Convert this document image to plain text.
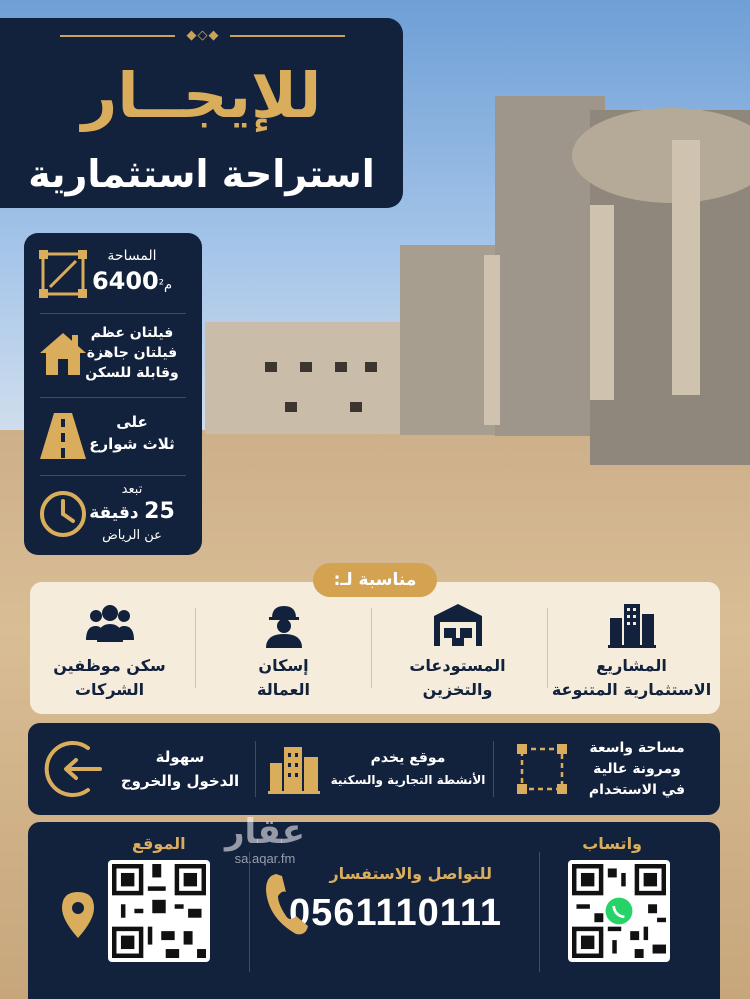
◆◇◆
للإيجــار
استراحة استثمارية
المساحة
6400م²
فيلتان عظم
فيلتان جاهزة
وقابلة للسكن
على
ثلاث شوارع
تبعد
25 دقيقة
عن الرياض
المشاريع
الاستثمارية المتنوعة
المستودعات
والتخزين
إسكان
العمالة
سكن موظفين
الشركات
مناسبة لـ:
مساحة واسعة
ومرونة عالية
في الاستخدام
موقع يخدم
الأنشطة التجارية والسكنية
سهولة
الدخول والخروج
واتساب
للتواصل والاستفسار
0561110111
الموقع	عقار
sa.aqar.fm
